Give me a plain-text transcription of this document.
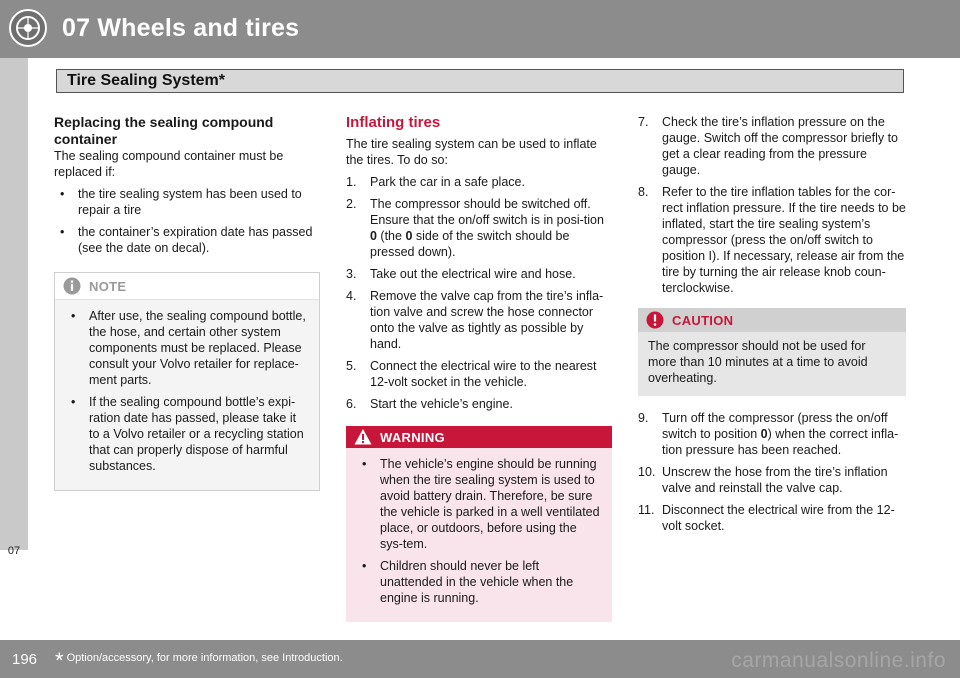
07 Wheels and tires
Tire Sealing System*
07
Replacing the sealing compound container

The sealing compound container must be replaced if:

• the tire sealing system has been used to repair a tire
• the container’s expiration date has passed (see the date on decal).
NOTE
• After use, the sealing compound bottle, the hose, and certain other system components must be replaced. Please consult your Volvo retailer for replace-ment parts.
• If the sealing compound bottle’s expi-ration date has passed, please take it to a Volvo retailer or a recycling station that can properly dispose of harmful substances.
Inflating tires

The tire sealing system can be used to inflate the tires. To do so:

1. Park the car in a safe place.
2. The compressor should be switched off. Ensure that the on/off switch is in posi-tion 0 (the 0 side of the switch should be pressed down).
3. Take out the electrical wire and hose.
4. Remove the valve cap from the tire’s infla-tion valve and screw the hose connector onto the valve as tightly as possible by hand.
5. Connect the electrical wire to the nearest 12-volt socket in the vehicle.
6. Start the vehicle’s engine.
WARNING
• The vehicle’s engine should be running when the tire sealing system is used to avoid battery drain. Therefore, be sure the vehicle is parked in a well ventilated place, or outdoors, before using the sys-tem.
• Children should never be left unattended in the vehicle when the engine is running.
7. Check the tire’s inflation pressure on the gauge. Switch off the compressor briefly to get a clear reading from the pressure gauge.
8. Refer to the tire inflation tables for the cor-rect inflation pressure. If the tire needs to be inflated, start the tire sealing system’s compressor (press the on/off switch to position I). If necessary, release air from the tire by turning the air release knob coun-terclockwise.
CAUTION
The compressor should not be used for more than 10 minutes at a time to avoid overheating.
9. Turn off the compressor (press the on/off switch to position 0) when the correct infla-tion pressure has been reached.
10. Unscrew the hose from the tire’s inflation valve and reinstall the valve cap.
11. Disconnect the electrical wire from the 12-volt socket.
196 * Option/accessory, for more information, see Introduction.	carmanualsonline.info
